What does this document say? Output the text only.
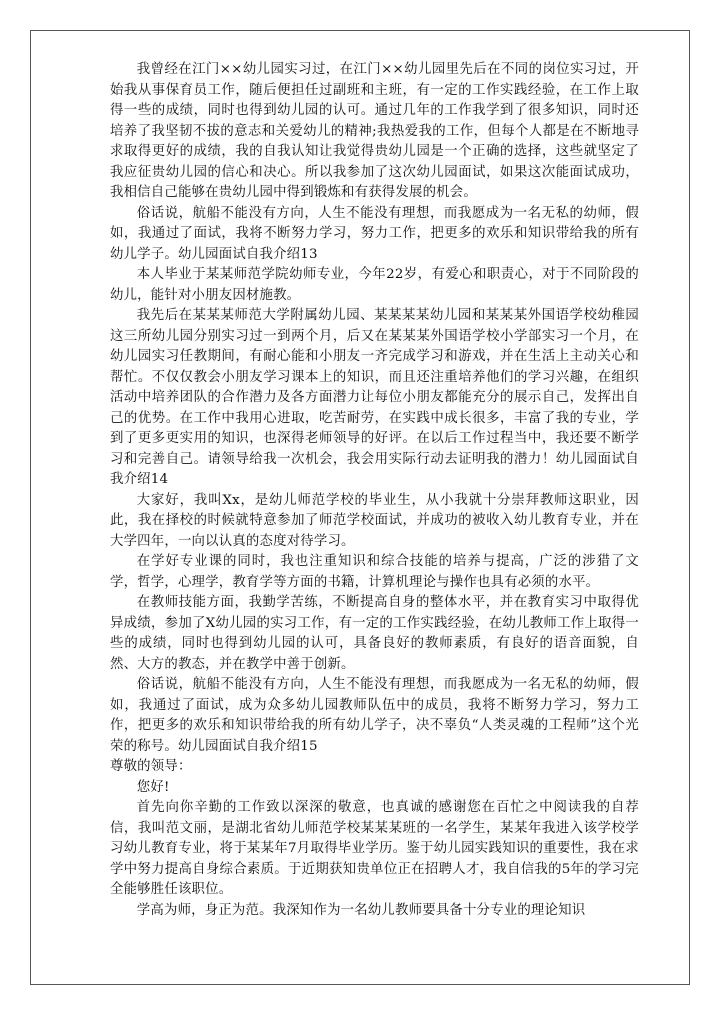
我曾经在江门××幼儿园实习过，在江门××幼儿园里先后在不同的岗位实习过，开始我从事保育员工作，随后便担任过副班和主班，有一定的工作实践经验，在工作上取得一些的成绩，同时也得到幼儿园的认可。通过几年的工作我学到了很多知识，同时还培养了我坚韧不拔的意志和关爱幼儿的精神;我热爱我的工作，但每个人都是在不断地寻求取得更好的成绩，我的自我认知让我觉得贵幼儿园是一个正确的选择，这些就坚定了我应征贵幼儿园的信心和决心。所以我参加了这次幼儿园面试，如果这次能面试成功，我相信自己能够在贵幼儿园中得到锻炼和有获得发展的机会。

俗话说，航船不能没有方向，人生不能没有理想，而我愿成为一名无私的幼师，假如，我通过了面试，我将不断努力学习，努力工作，把更多的欢乐和知识带给我的所有幼儿学子。幼儿园面试自我介绍13

本人毕业于某某师范学院幼师专业，今年22岁，有爱心和职责心，对于不同阶段的幼儿，能针对小朋友因材施教。

我先后在某某某师范大学附属幼儿园、某某某某幼儿园和某某某外国语学校幼稚园这三所幼儿园分别实习过一到两个月，后又在某某某外国语学校小学部实习一个月，在幼儿园实习任教期间，有耐心能和小朋友一齐完成学习和游戏，并在生活上主动关心和帮忙。不仅仅教会小朋友学习课本上的知识，而且还注重培养他们的学习兴趣，在组织活动中培养团队的合作潜力及各方面潜力让每位小朋友都能充分的展示自己，发挥出自己的优势。在工作中我用心进取，吃苦耐劳，在实践中成长很多，丰富了我的专业，学到了更多更实用的知识，也深得老师领导的好评。在以后工作过程当中，我还要不断学习和完善自己。请领导给我一次机会，我会用实际行动去证明我的潜力！幼儿园面试自我介绍14

大家好，我叫Xx，是幼儿师范学校的毕业生，从小我就十分崇拜教师这职业，因此，我在择校的时候就特意参加了师范学校面试，并成功的被收入幼儿教育专业，并在大学四年，一向以认真的态度对待学习。

在学好专业课的同时，我也注重知识和综合技能的培养与提高，广泛的涉猎了文学，哲学，心理学，教育学等方面的书籍，计算机理论与操作也具有必须的水平。

在教师技能方面，我勤学苦练，不断提高自身的整体水平，并在教育实习中取得优异成绩，参加了X幼儿园的实习工作，有一定的工作实践经验，在幼儿教师工作上取得一些的成绩，同时也得到幼儿园的认可，具备良好的教师素质，有良好的语音面貌，自然、大方的教态，并在教学中善于创新。

俗话说，航船不能没有方向，人生不能没有理想，而我愿成为一名无私的幼师，假如，我通过了面试，成为众多幼儿园教师队伍中的成员，我将不断努力学习，努力工作，把更多的欢乐和知识带给我的所有幼儿学子，决不辜负“人类灵魂的工程师”这个光荣的称号。幼儿园面试自我介绍15

尊敬的领导：

您好!

首先向你辛勤的工作致以深深的敬意，也真诚的感谢您在百忙之中阅读我的自荐信，我叫范文丽，是湖北省幼儿师范学校某某某班的一名学生，某某年我进入该学校学习幼儿教育专业，将于某某年7月取得毕业学历。鉴于幼儿园实践知识的重要性，我在求学中努力提高自身综合素质。于近期获知贵单位正在招聘人才，我自信我的5年的学习完全能够胜任该职位。

学高为师，身正为范。我深知作为一名幼儿教师要具备十分专业的理论知识
